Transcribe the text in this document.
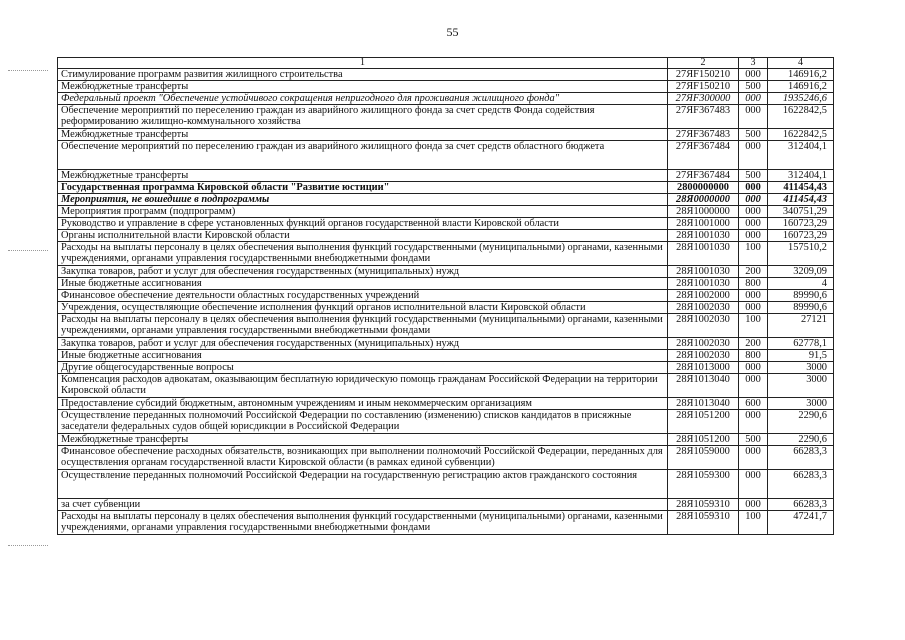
55
1	2	3	4
Стимулирование программ развития жилищного строительства	27ЯF150210	000	146916,2
Межбюджетные трансферты	27ЯF150210	500	146916,2
Федеральный проект "Обеспечение устойчивого сокращения непригодного для проживания жилищного фонда"	27ЯF300000	000	1935246,6
Обеспечение мероприятий по переселению граждан из аварийного жилищного фонда за счет средств Фонда содействия реформированию жилищно-коммунального хозяйства	27ЯF367483	000	1622842,5
Межбюджетные трансферты	27ЯF367483	500	1622842,5
Обеспечение мероприятий по переселению граждан из аварийного жилищного фонда за счет средств областного бюджета	27ЯF367484	000	312404,1
Межбюджетные трансферты	27ЯF367484	500	312404,1
Государственная программа Кировской области "Развитие юстиции"	2800000000	000	411454,43
Мероприятия, не вошедшие в подпрограммы	28Я0000000	000	411454,43
Мероприятия программ (подпрограмм)	28Я1000000	000	340751,29
Руководство и управление в сфере установленных функций органов государственной власти Кировской области	28Я1001000	000	160723,29
Органы исполнительной власти Кировской области	28Я1001030	000	160723,29
Расходы на выплаты персоналу в целях обеспечения выполнения функций государственными (муниципальными) органами, казенными учреждениями, органами управления государственными внебюджетными фондами	28Я1001030	100	157510,2
Закупка товаров, работ и услуг для обеспечения государственных (муниципальных) нужд	28Я1001030	200	3209,09
Иные бюджетные ассигнования	28Я1001030	800	4
Финансовое обеспечение деятельности областных государственных учреждений	28Я1002000	000	89990,6
Учреждения, осуществляющие обеспечение исполнения функций органов исполнительной власти Кировской области	28Я1002030	000	89990,6
Расходы на выплаты персоналу в целях обеспечения выполнения функций государственными (муниципальными) органами, казенными учреждениями, органами управления государственными внебюджетными фондами	28Я1002030	100	27121
Закупка товаров, работ и услуг для обеспечения государственных (муниципальных) нужд	28Я1002030	200	62778,1
Иные бюджетные ассигнования	28Я1002030	800	91,5
Другие общегосударственные вопросы	28Я1013000	000	3000
Компенсация расходов адвокатам, оказывающим бесплатную юридическую помощь гражданам Российской Федерации на территории Кировской области	28Я1013040	000	3000
Предоставление субсидий бюджетным, автономным учреждениям и иным некоммерческим организациям	28Я1013040	600	3000
Осуществление переданных полномочий Российской Федерации по составлению (изменению) списков кандидатов в присяжные заседатели федеральных судов общей юрисдикции в Российской Федерации	28Я1051200	000	2290,6
Межбюджетные трансферты	28Я1051200	500	2290,6
Финансовое обеспечение расходных обязательств, возникающих при выполнении полномочий Российской Федерации, переданных для осуществления органам государственной власти Кировской области (в рамках единой субвенции)	28Я1059000	000	66283,3
Осуществление переданных полномочий Российской Федерации на государственную регистрацию актов гражданского состояния	28Я1059300	000	66283,3
за счет субвенции	28Я1059310	000	66283,3
Расходы на выплаты персоналу в целях обеспечения выполнения функций государственными (муниципальными) органами, казенными учреждениями, органами управления государственными внебюджетными фондами	28Я1059310	100	47241,7
